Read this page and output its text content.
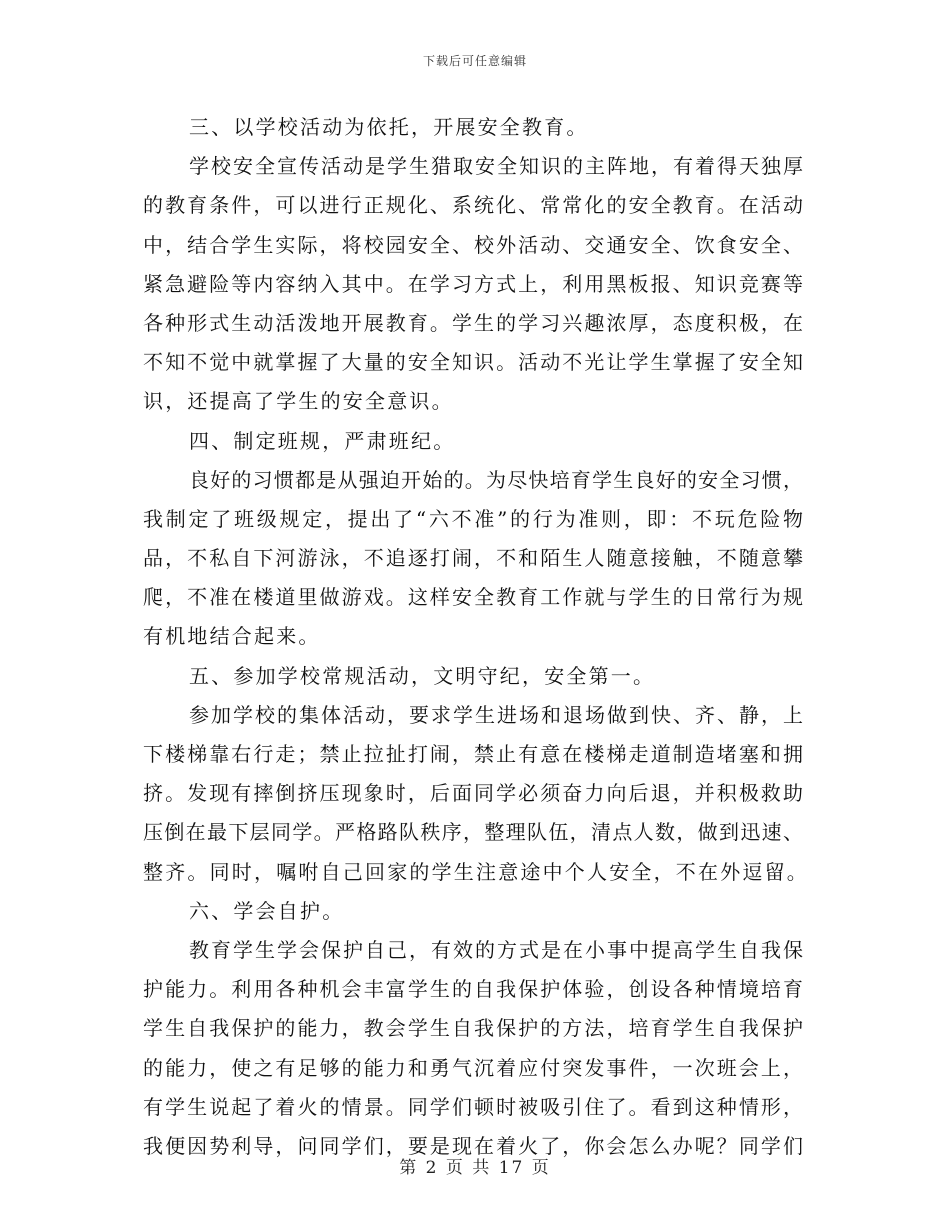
下载后可任意编辑
三、以学校活动为依托，开展安全教育。
学校安全宣传活动是学生猎取安全知识的主阵地，有着得天独厚
的教育条件，可以进行正规化、系统化、常常化的安全教育。在活动
中，结合学生实际，将校园安全、校外活动、交通安全、饮食安全、
紧急避险等内容纳入其中。在学习方式上，利用黑板报、知识竞赛等
各种形式生动活泼地开展教育。学生的学习兴趣浓厚，态度积极，在
不知不觉中就掌握了大量的安全知识。活动不光让学生掌握了安全知
识，还提高了学生的安全意识。
四、制定班规，严肃班纪。
良好的习惯都是从强迫开始的。为尽快培育学生良好的安全习惯，
我制定了班级规定，提出了“六不准”的行为准则，即：不玩危险物
品，不私自下河游泳，不追逐打闹，不和陌生人随意接触，不随意攀
爬，不准在楼道里做游戏。这样安全教育工作就与学生的日常行为规
有机地结合起来。
五、参加学校常规活动，文明守纪，安全第一。
参加学校的集体活动，要求学生进场和退场做到快、齐、静，上
下楼梯靠右行走；禁止拉扯打闹，禁止有意在楼梯走道制造堵塞和拥
挤。发现有摔倒挤压现象时，后面同学必须奋力向后退，并积极救助
压倒在最下层同学。严格路队秩序，整理队伍，清点人数，做到迅速、
整齐。同时，嘱咐自己回家的学生注意途中个人安全，不在外逗留。
六、学会自护。
教育学生学会保护自己，有效的方式是在小事中提高学生自我保
护能力。利用各种机会丰富学生的自我保护体验，创设各种情境培育
学生自我保护的能力，教会学生自我保护的方法，培育学生自我保护
的能力，使之有足够的能力和勇气沉着应付突发事件，一次班会上，
有学生说起了着火的情景。同学们顿时被吸引住了。看到这种情形，
我便因势利导，问同学们，要是现在着火了，你会怎么办呢？同学们
第 2 页 共 17 页
